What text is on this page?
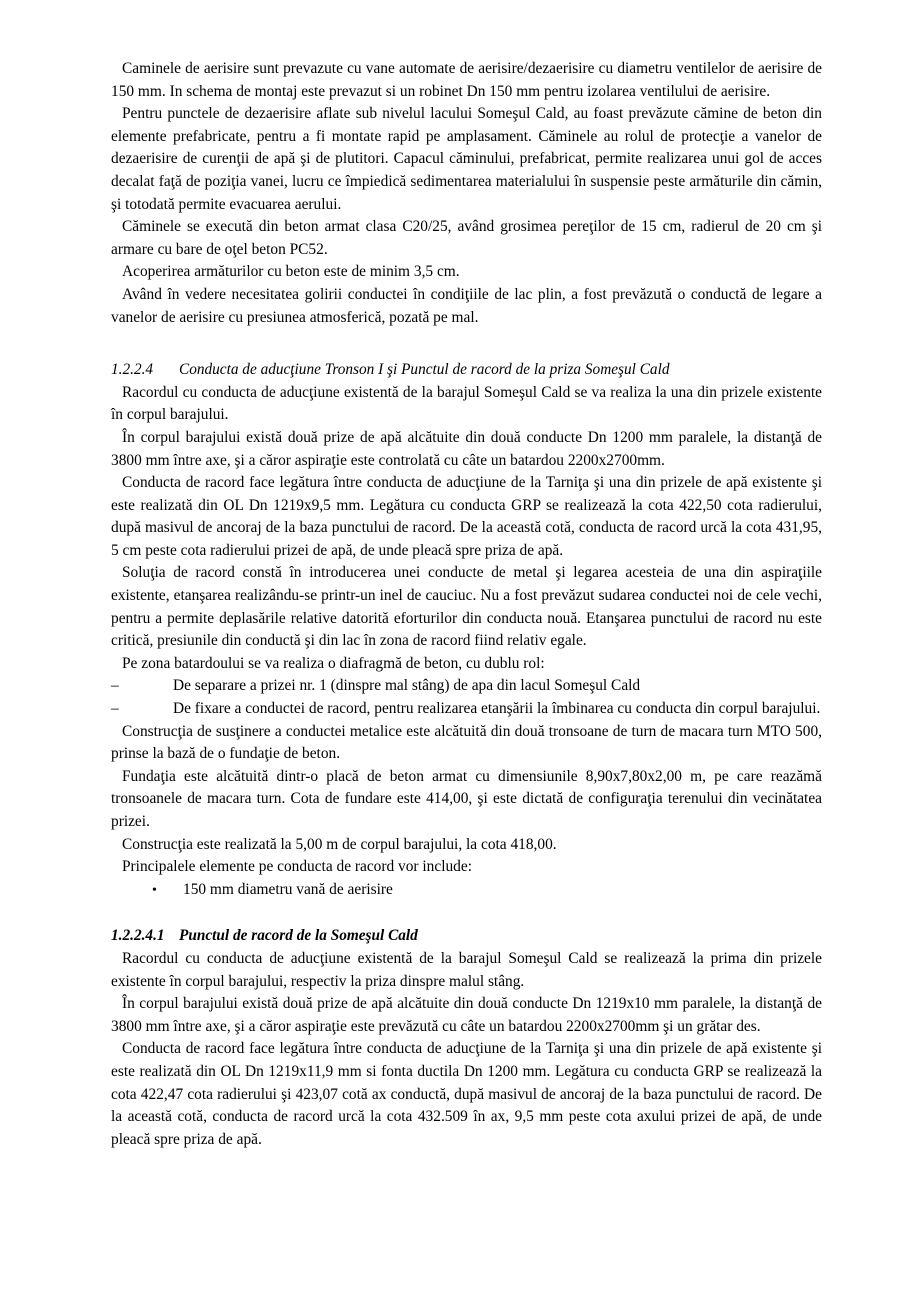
Caminele de aerisire sunt prevazute cu vane automate de aerisire/dezaerisire cu diametru ventilelor de aerisire de 150 mm. In schema de montaj este prevazut si un robinet Dn 150 mm pentru izolarea ventilului de aerisire.

Pentru punctele de dezaerisire aflate sub nivelul lacului Someşul Cald, au foast prevăzute cămine de beton din elemente prefabricate, pentru a fi montate rapid pe amplasament. Căminele au rolul de protecţie a vanelor de dezaerisire de curenţii de apă şi de plutitori. Capacul căminului, prefabricat, permite realizarea unui gol de acces decalat faţă de poziţia vanei, lucru ce împiedică sedimentarea materialului în suspensie peste armăturile din cămin, şi totodată permite evacuarea aerului.

Căminele se execută din beton armat clasa C20/25, având grosimea pereţilor de 15 cm, radierul de 20 cm şi armare cu bare de oţel beton PC52.

Acoperirea armăturilor cu beton este de minim 3,5 cm.

Având în vedere necesitatea golirii conductei în condiţiile de lac plin, a fost prevăzută o conductă de legare a vanelor de aerisire cu presiunea atmosferică, pozată pe mal.

1.2.2.4 Conducta de aducţiune Tronson I şi Punctul de racord de la priza Someşul Cald

Racordul cu conducta de aducţiune existentă de la barajul Someşul Cald se va realiza la una din prizele existente în corpul barajului.

În corpul barajului există două prize de apă alcătuite din două conducte Dn 1200 mm paralele, la distanţă de 3800 mm între axe, şi a căror aspiraţie este controlată cu câte un batardou 2200x2700mm.

Conducta de racord face legătura între conducta de aducţiune de la Tarniţa şi una din prizele de apă existente şi este realizată din OL Dn 1219x9,5 mm. Legătura cu conducta GRP se realizează la cota 422,50 cota radierului, după masivul de ancoraj de la baza punctului de racord. De la această cotă, conducta de racord urcă la cota 431,95, 5 cm peste cota radierului prizei de apă, de unde pleacă spre priza de apă.

Soluţia de racord constă în introducerea unei conducte de metal şi legarea acesteia de una din aspiraţiile existente, etanşarea realizându-se printr-un inel de cauciuc. Nu a fost prevăzut sudarea conductei noi de cele vechi, pentru a permite deplasările relative datorită eforturilor din conducta nouă. Etanşarea punctului de racord nu este critică, presiunile din conductă şi din lac în zona de racord fiind relativ egale.

Pe zona batardoului se va realiza o diafragmă de beton, cu dublu rol:

–	De separare a prizei nr. 1 (dinspre mal stâng) de apa din lacul Someşul Cald

–	De fixare a conductei de racord, pentru realizarea etanşării la îmbinarea cu conducta din corpul barajului.

Construcţia de susţinere a conductei metalice este alcătuită din două tronsoane de turn de macara turn MTO 500, prinse la bază de o fundaţie de beton.

Fundaţia este alcătuită dintr-o placă de beton armat cu dimensiunile 8,90x7,80x2,00 m, pe care reazămă tronsoanele de macara turn. Cota de fundare este 414,00, şi este dictată de configuraţia terenului din vecinătatea prizei.

Construcţia este realizată la 5,00 m de corpul barajului, la cota 418,00.

Principalele elemente pe conducta de racord vor include:

• 150 mm diametru vană de aerisire

1.2.2.4.1 Punctul de racord de la Someşul Cald

Racordul cu conducta de aducţiune existentă de la barajul Someşul Cald se realizează la prima din prizele existente în corpul barajului, respectiv la priza dinspre malul stâng.

În corpul barajului există două prize de apă alcătuite din două conducte Dn 1219x10 mm paralele, la distanţă de 3800 mm între axe, şi a căror aspiraţie este prevăzută cu câte un batardou 2200x2700mm şi un grătar des.

Conducta de racord face legătura între conducta de aducţiune de la Tarniţa şi una din prizele de apă existente şi este realizată din OL Dn 1219x11,9 mm si fonta ductila Dn 1200 mm. Legătura cu conducta GRP se realizează la cota 422,47 cota radierului şi 423,07 cotă ax conductă, după masivul de ancoraj de la baza punctului de racord. De la această cotă, conducta de racord urcă la cota 432.509 în ax, 9,5 mm peste cota axului prizei de apă, de unde pleacă spre priza de apă.
